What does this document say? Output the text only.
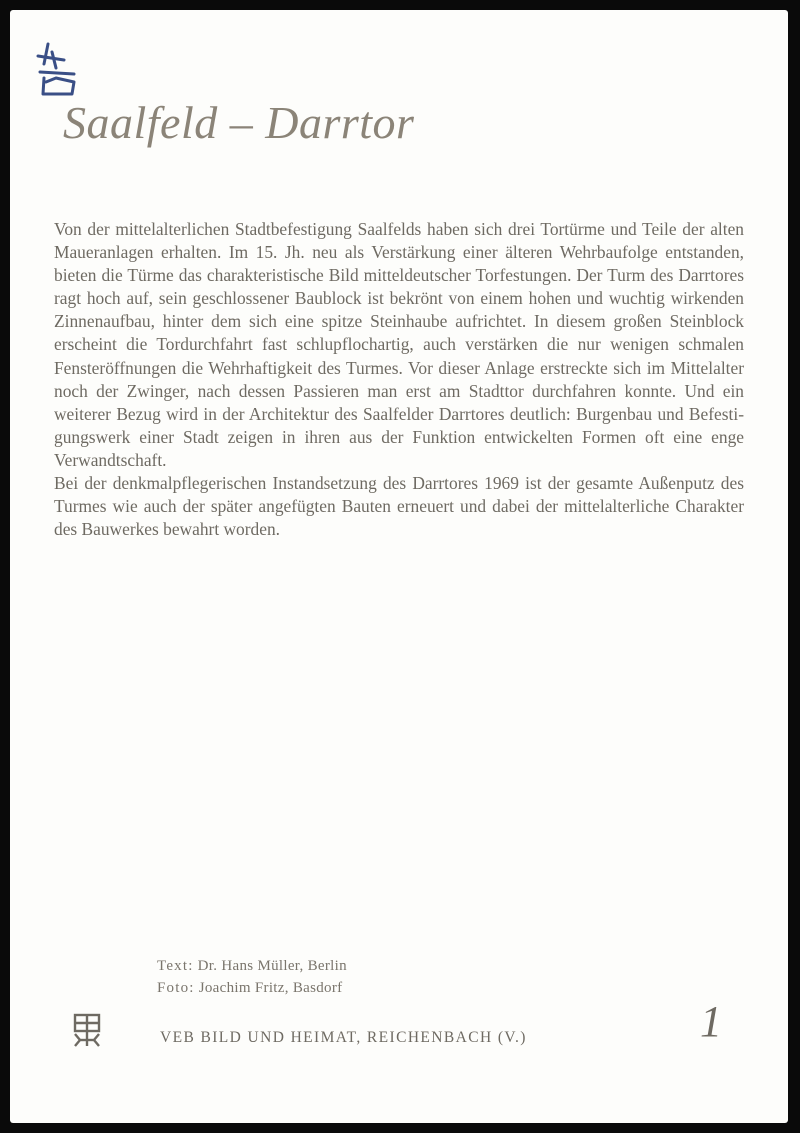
Saalfeld – Darrtor

Von der mittelalterlichen Stadtbefestigung Saalfelds haben sich drei Tortürme und Teile der alten Maueranlagen erhalten. Im 15. Jh. neu als Verstärkung einer älteren Wehrbaufolge entstanden, bieten die Türme das charakteristische Bild mitteldeutscher Torfestungen. Der Turm des Darrtores ragt hoch auf, sein geschlossener Baublock ist bekrönt von einem hohen und wuchtig wirkenden Zinnenaufbau, hinter dem sich eine spitze Steinhaube aufrichtet. In diesem großen Steinblock erscheint die Tordurchfahrt fast schlupflochartig, auch verstärken die nur wenigen schmalen Fensteröffnungen die Wehrhaftigkeit des Turmes. Vor dieser Anlage erstreckte sich im Mittelalter noch der Zwinger, nach dessen Passieren man erst am Stadttor durchfahren konnte. Und ein weiterer Bezug wird in der Architektur des Saalfelder Darrtores deutlich: Burgenbau und Befestigungswerk einer Stadt zeigen in ihren aus der Funktion entwickelten Formen oft eine enge Verwandtschaft.

Bei der denkmalpflegerischen Instandsetzung des Darrtores 1969 ist der gesamte Außenputz des Turmes wie auch der später angefügten Bauten erneuert und dabei der mittelalterliche Charakter des Bauwerkes bewahrt worden.

Text: Dr. Hans Müller, Berlin
Foto: Joachim Fritz, Basdorf
VEB BILD UND HEIMAT, REICHENBACH (V.)	1
